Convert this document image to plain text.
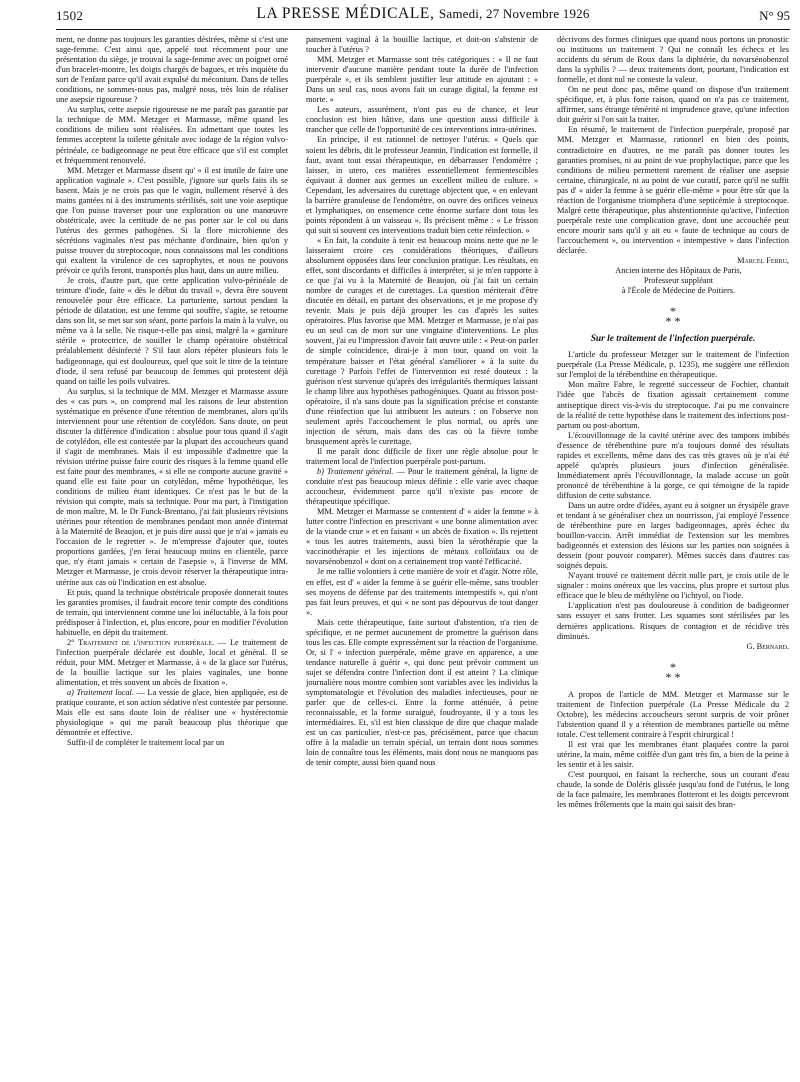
1502	LA PRESSE MÉDICALE, Samedi, 27 Novembre 1926	N° 95

ment, ne donne pas toujours les garanties désirées, même si c'est une sage-femme. C'est ainsi que, appelé tout récemment pour une présentation du siège, je trouvai la sage-femme avec un poignet orné d'un bracelet-montre, les doigts chargés de bagues, et très inquiète du sort de l'enfant parce qu'il avait expulsé du méconium. Dans de telles conditions, ne sommes-nous pas, malgré nous, très loin de réaliser une asepsie rigoureuse ?

Au surplus, cette asepsie rigoureuse ne me paraît pas garantie par la technique de MM. Metzger et Marmasse, même quand les conditions de milieu sont réalisées. En admettant que toutes les femmes acceptent la toilette génitale avec iodage de la région vulvo-périnéale, ce badigeonnage ne peut être efficace que s'il est complet et fréquemment renouvelé.

MM. Metzger et Marmasse disent qu' « il est inutile de faire une application vaginale ». C'est possible, j'ignore sur quels faits ils se basent. Mais je ne crois pas que le vagin, nullement réservé à des mains gantées ni à des instruments stérilisés, soit une voie aseptique que l'on puisse traverser pour une exploration ou une manœuvre obstétricale, avec la certitude de ne pas porter sur le col ou dans l'utérus des germes pathogènes. Si la flore microbienne des sécrétions vaginales n'est pas méchante d'ordinaire, bien qu'on y puisse trouver du streptocoque, nous connaissons mal les conditions qui exaltent la virulence de ces saprophytes, et nous ne pouvons prévoir ce qu'ils feront, transportés plus haut, dans un autre milieu.

Je crois, d'autre part, que cette application vulvo-périnéale de teinture d'iode, faite « dès le début du travail », devra être souvent renouvelée pour être efficace. La parturiente, surtout pendant la période de dilatation, est une femme qui souffre, s'agite, se retourne dans son lit, se met sur son séant, porte parfois la main à la vulve, ou même va à la selle. Ne risque-t-elle pas ainsi, malgré la « garniture stérile » protectrice, de souiller le champ opératoire obstétrical préalablement désinfecté ? S'il faut alors répéter plusieurs fois le badigeonnage, qui est douloureux, quel que soit le titre de la teinture d'iode, il sera refusé par beaucoup de femmes qui protestent déjà quand on taille les poils vulvaires.

Au surplus, si la technique de MM. Metzger et Marmasse assure des « cas purs », on comprend mal les raisons de leur abstention systématique en présence d'une rétention de membranes, alors qu'ils interviennent pour une rétention de cotylédon. Sans doute, on peut discuter la différence d'indication : absolue pour tous quand il s'agit de cotylédon, elle est contestée par la plupart des accoucheurs quand il s'agit de membranes. Mais il est impossible d'admettre que la révision utérine puisse faire courir des risques à la femme quand elle est faite pour des membranes, « si elle ne comporte aucune gravité » quand elle est faite pour un cotylédon, même hypothétique, les conditions de milieu étant identiques. Ce n'est pas le but de la révision qui compte, mais sa technique. Pour ma part, à l'instigation de mon maître, M. le Dr Funck-Brentano, j'ai fait plusieurs révisions utérines pour rétention de membranes pendant mon année d'internat à la Maternité de Beaujon, et je puis dire aussi que je n'ai « jamais eu l'occasion de le regretter ». Je m'empresse d'ajouter que, toutes proportions gardées, j'en ferai beaucoup moins en clientèle, parce que, n'y étant jamais « certain de l'asepsie », à l'inverse de MM. Metzger et Marmasse, je crois devoir réserver la thérapeutique intra-utérine aux cas où l'indication en est absolue.

Et puis, quand la technique obstétricale proposée donnerait toutes les garanties promises, il faudrait encore tenir compte des conditions de terrain, qui interviennent comme une loi inéluctable, à la fois pour prédisposer à l'infection, et, plus encore, pour en modifier l'évolution habituelle, en dépit du traitement.

2° Traitement de l'infection puerpérale. — Le traitement de l'infection puerpérale déclarée est double, local et général. Il se réduit, pour MM. Metzger et Marmasse, à « de la glace sur l'utérus, de la bouillie lactique sur les plaies vaginales, une bonne alimentation, et très souvent un abcès de fixation ».

a) Traitement local. — La vessie de glace, bien appliquée, est de pratique courante, et son action sédative n'est contestée par personne. Mais elle est sans doute loin de réaliser une « hystérectomie physiologique » qui me paraît beaucoup plus théorique que démontrée et effective.

Suffit-il de compléter le traitement local par un

pansement vaginal à la bouillie lactique, et doit-on s'abstenir de toucher à l'utérus ?

MM. Metzger et Marmasse sont très catégoriques : « Il ne faut intervenir d'aucune manière pendant toute la durée de l'infection puerpérale », et ils semblent justifier leur attitude en ajoutant : « Dans un seul cas, nous avons fait un curage digital, la femme est morte. »

Les auteurs, assurément, n'ont pas eu de chance, et leur conclusion est bien hâtive, dans une question aussi difficile à trancher que celle de l'opportunité de ces interventions intra-utérines.

En principe, il est rationnel de nettoyer l'utérus. « Quels que soient les débris, dit le professeur Jeannin, l'indication est formelle, il faut, avant tout essai thérapeutique, en débarrasser l'endomètre ; laisser, in utero, ces matières essentiellement fermentescibles équivaut à donner aux germes un excellent milieu de culture. » Cependant, les adversaires du curettage objectent que, « en enlevant la barrière granuleuse de l'endomètre, on ouvre des orifices veineux et lymphatiques, on ensemence cette énorme surface dont tous les points répondent à un vaisseau ». Ils précisent même : « Le frisson qui suit si souvent ces interventions traduit bien cette réinfection. »

« En fait, la conduite à tenir est beaucoup moins nette que ne le laisseraient croire ces considérations théoriques, d'ailleurs absolument opposées dans leur conclusion pratique. Les résultats, en effet, sont discordants et difficiles à interpréter, si je m'en rapporte à ce que j'ai vu à la Maternité de Beaujon, où j'ai fait un certain nombre de curages et de curettages. La question mériterait d'être discutée en détail, en partant des observations, et je me propose d'y revenir. Mais je puis déjà grouper les cas d'après les suites opératoires. Plus favorise que MM. Metzger et Marmasse, je n'ai pas eu un seul cas de mort sur une vingtaine d'interventions. Le plus souvent, j'ai eu l'impression d'avoir fait œuvre utile : « Peut-on parler de simple coïncidence, dirai-je à mon tour, quand on voit la température baisser et l'état général s'améliorer » à la suite du curettage ? Parfois l'effet de l'intervention est resté douteux : la guérison n'est survenue qu'après des irrégularités thermiques laissant le champ libre aux hypothèses pathogéniques. Quant au frisson post-opératoire, il n'a sans doute pas la signification précise et constante d'une réinfection que lui attribuent les auteurs : on l'observe non seulement après l'accouchement le plus normal, ou après une injection de sérum, mais dans des cas où la fièvre tombe brusquement après le curettage.

Il me paraît donc difficile de fixer une règle absolue pour le traitement local de l'infection puerpérale post-partum.

b) Traitement général. — Pour le traitement général, la ligne de conduite n'est pas beaucoup mieux définie : elle varie avec chaque accoucheur, évidemment parce qu'il n'existe pas encore de thérapeutique spécifique.

MM. Metzger et Marmasse se contentent d' « aider la femme » à lutter contre l'infection en prescrivant « une bonne alimentation avec de la viande crue » et en faisant « un abcès de fixation ». Ils rejettent « tous les autres traitements, aussi bien la sérothérapie que la vaccinothérapie et les injections de métaux colloïdaux ou de novarsénobenzol » dont on a certainement trop vanté l'efficacité.

Je me rallie volontiers à cette manière de voir et d'agir. Notre rôle, en effet, est d' « aider la femme à se guérir elle-même, sans troubler ses moyens de défense par des traitements intempestifs », qui n'ont pas fait leurs preuves, et qui « ne sont pas dépourvus de tout danger ».

Mais cette thérapeutique, faite surtout d'abstention, n'a rien de spécifique, et ne permet aucunement de promettre la guérison dans tous les cas. Elle compte expressément sur la réaction de l'organisme. Or, si l' « infection puerpérale, même grave en apparence, a une tendance naturelle à guérir », qui donc peut prévoir comment un sujet se défendra contre l'infection dont il est atteint ? La clinique journalière nous montre combien sont variables avec les individus la symptomatologie et l'évolution des maladies infectieuses, pour ne parler que de celles-ci. Entre la forme atténuée, à peine reconnaissable, et la forme suraiguë, foudroyante, il y a tous les intermédiaires. Et, s'il est bien classique de dire que chaque malade est un cas particulier, n'est-ce pas, précisément, parce que chacun offre à la maladie un terrain spécial, un terrain dont nous sommes loin de connaître tous les éléments, mais dont nous ne manquons pas de tenir compte, aussi bien quand nous

décrivons des formes cliniques que quand nous portons un pronostic ou instituons un traitement ? Qui ne connaît les échecs et les accidents du sérum de Roux dans la diphtérie, du novarsénobenzol dans la syphilis ? — deux traitements dont, pourtant, l'indication est formelle, et dont nul ne conteste la valeur.

On ne peut donc pas, même quand on dispose d'un traitement spécifique, et, à plus forte raison, quand on n'a pas ce traitement, affirmer, sans étrange témérité ni imprudence grave, qu'une infection doit guérir si l'on sait la traiter.

En résumé, le traitement de l'infection puerpérale, proposé par MM. Metzger et Marmasse, rationnel en bien des points, contradictoire en d'autres, ne me paraît pas donner toutes les garanties promises, ni au point de vue prophylactique, parce que les conditions de milieu permettent rarement de réaliser une asepsie certaine, chirurgicale, ni au point de vue curatif, parce qu'il ne suffit pas d' « aider la femme à se guérir elle-même » pour être sûr que la réaction de l'organisme triomphera d'une septicémie à streptocoque. Malgré cette thérapeutique, plus abstentionniste qu'active, l'infection puerpérale reste une complication grave, dont une accouchée peut encore mourir sans qu'il y ait eu « faute de technique au cours de l'accouchement », ou intervention « intempestive » dans l'infection déclarée.

Marcel Ferru,

Ancien interne des Hôpitaux de Paris,

Professeur suppléant

à l'École de Médecine de Poitiers.

*
* *
Sur le traitement de l'infection puerpérale.

L'article du professeur Metzger sur le traitement de l'infection puerpérale (La Presse Médicale, p. 1235), me suggère une réflexion sur l'emploi de la térébenthine en thérapeutique.

Mon maître Fabre, le regretté successeur de Fochier, chantait l'idée que l'abcès de fixation agissait certainement comme antiseptique direct vis-à-vis du streptocoque. J'ai pu me convaincre de la réalité de cette hypothèse dans le traitement des infections post-partum ou post-abortum.

L'écouvillonnage de la cavité utérine avec des tampons imbibés d'essence de térébenthine pure m'a toujours donné des résultats rapides et excellents, même dans des cas très graves où je n'ai été appelé qu'après plusieurs jours d'infection généralisée. Immédiatement après l'écouvillonnage, la malade accuse un goût prononcé de térébenthine à la gorge, ce qui témoigne de la rapide diffusion de cette substance.

Dans un autre ordre d'idées, ayant eu à soigner un érysipèle grave et tendant à se généraliser chez un nourrisson, j'ai employé l'essence de térébenthine pure en larges badigeonnages, après échec du bouillon-vaccin. Arrêt immédiat de l'extension sur les membres badigeonnés et extension des lésions sur les parties non soignées à dessein (pour pouvoir comparer). Mêmes succès dans d'autres cas soignés depuis.

N'ayant trouvé ce traitement décrit nulle part, je crois utile de le signaler : moins onéreux que les vaccins, plus propre et surtout plus efficace que le bleu de méthylène ou l'ichtyol, ou l'iode.

L'application n'est pas douloureuse à condition de badigeonner sans essuyer et sans frotter. Les squames sont stérilisées par les dernières applications. Risques de contagion et de récidive très diminués.

G. Bernard.

*
* *

A propos de l'article de MM. Metzger et Marmasse sur le traitement de l'infection puerpérale (La Presse Médicale du 2 Octobre), les médecins accoucheurs seront surpris de voir prôner l'abstention quand il y a rétention de membranes partielle ou même totale. C'est tellement contraire à l'esprit chirurgical !

Il est vrai que les membranes étant plaquées contre la paroi utérine, la main, même coiffée d'un gant très fin, a bien de la peine à les sentir et à les saisir.

C'est pourquoi, en faisant la recherche, sous un courant d'eau chaude, la sonde de Doléris glissée jusqu'au fond de l'utérus, le long de la face palmaire, les membranes flotteront et les doigts percevront les mêmes frôlements que la main qui saisit des bran-
